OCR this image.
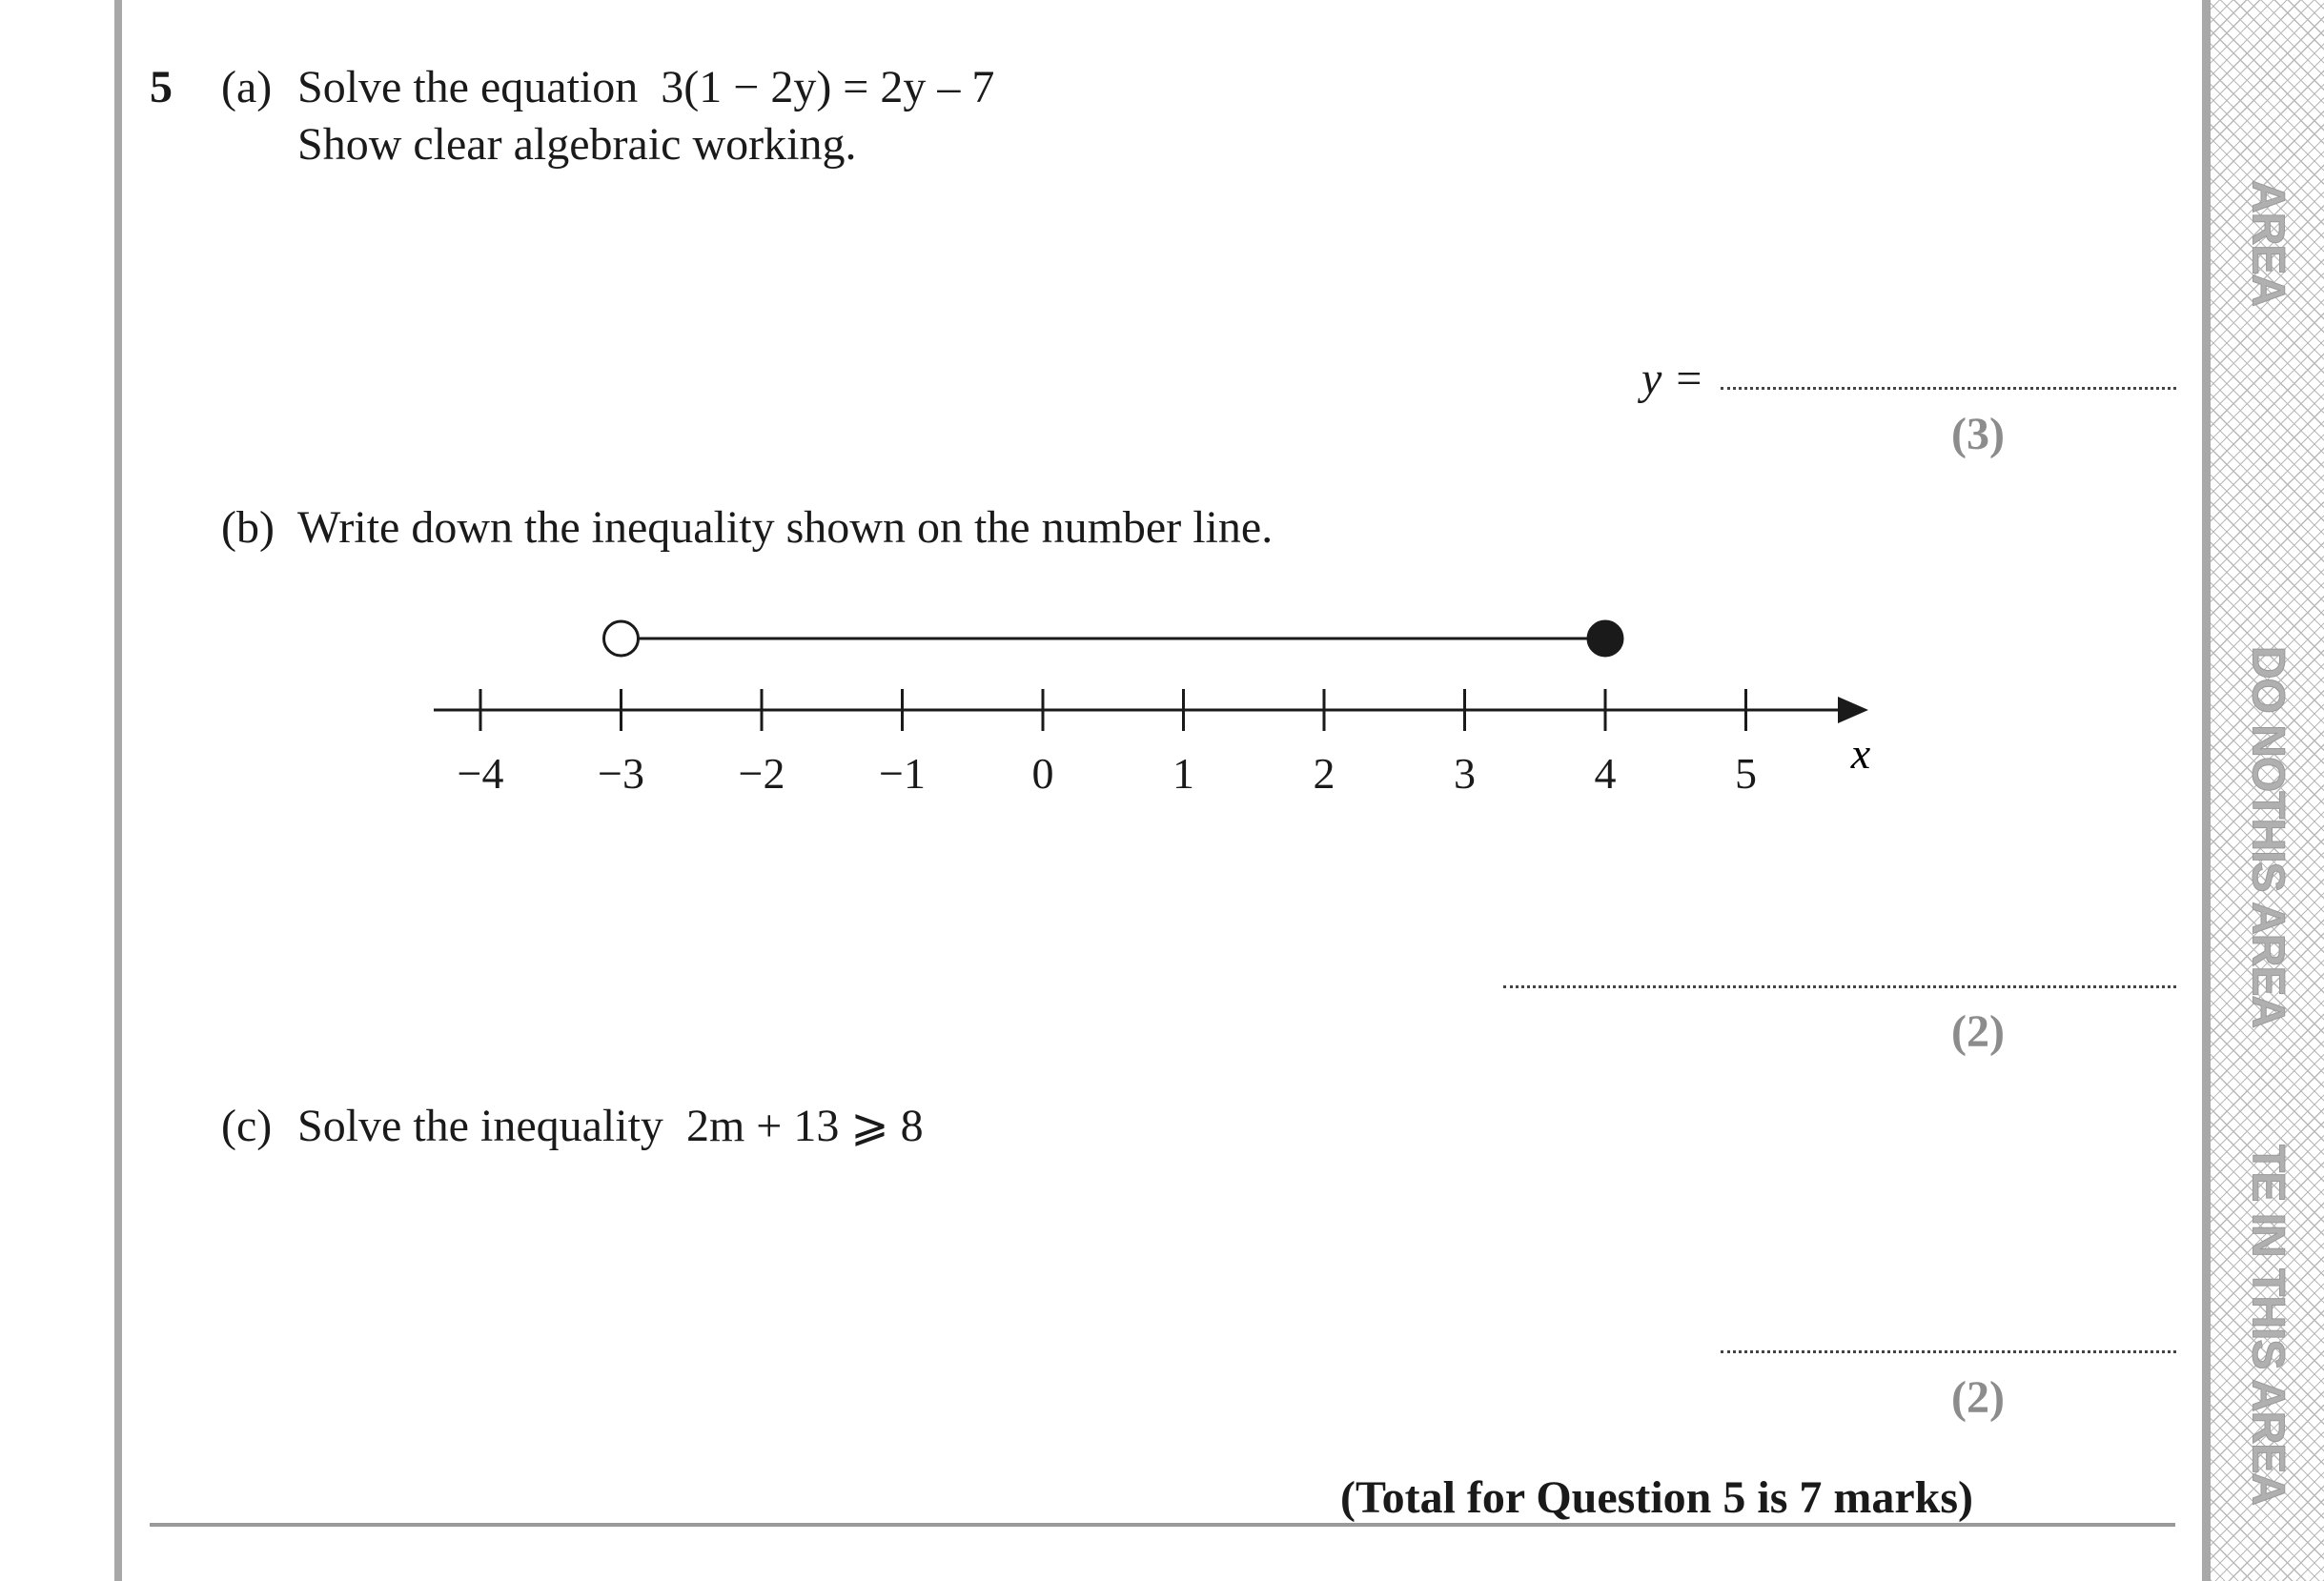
AREA
DO NOTHIS AREA
TE IN THIS AREA
5 (a) Solve the equation 3(1 − 2y) = 2y – 7
Show clear algebraic working.
y =
(3)
(b) Write down the inequality shown on the number line.
−4 −3 −2 −1 0	1	2	3	4	5 x
(2)
(c) Solve the inequality 2m + 13 ⩾ 8
(2)
(Total for Question 5 is 7 marks)
